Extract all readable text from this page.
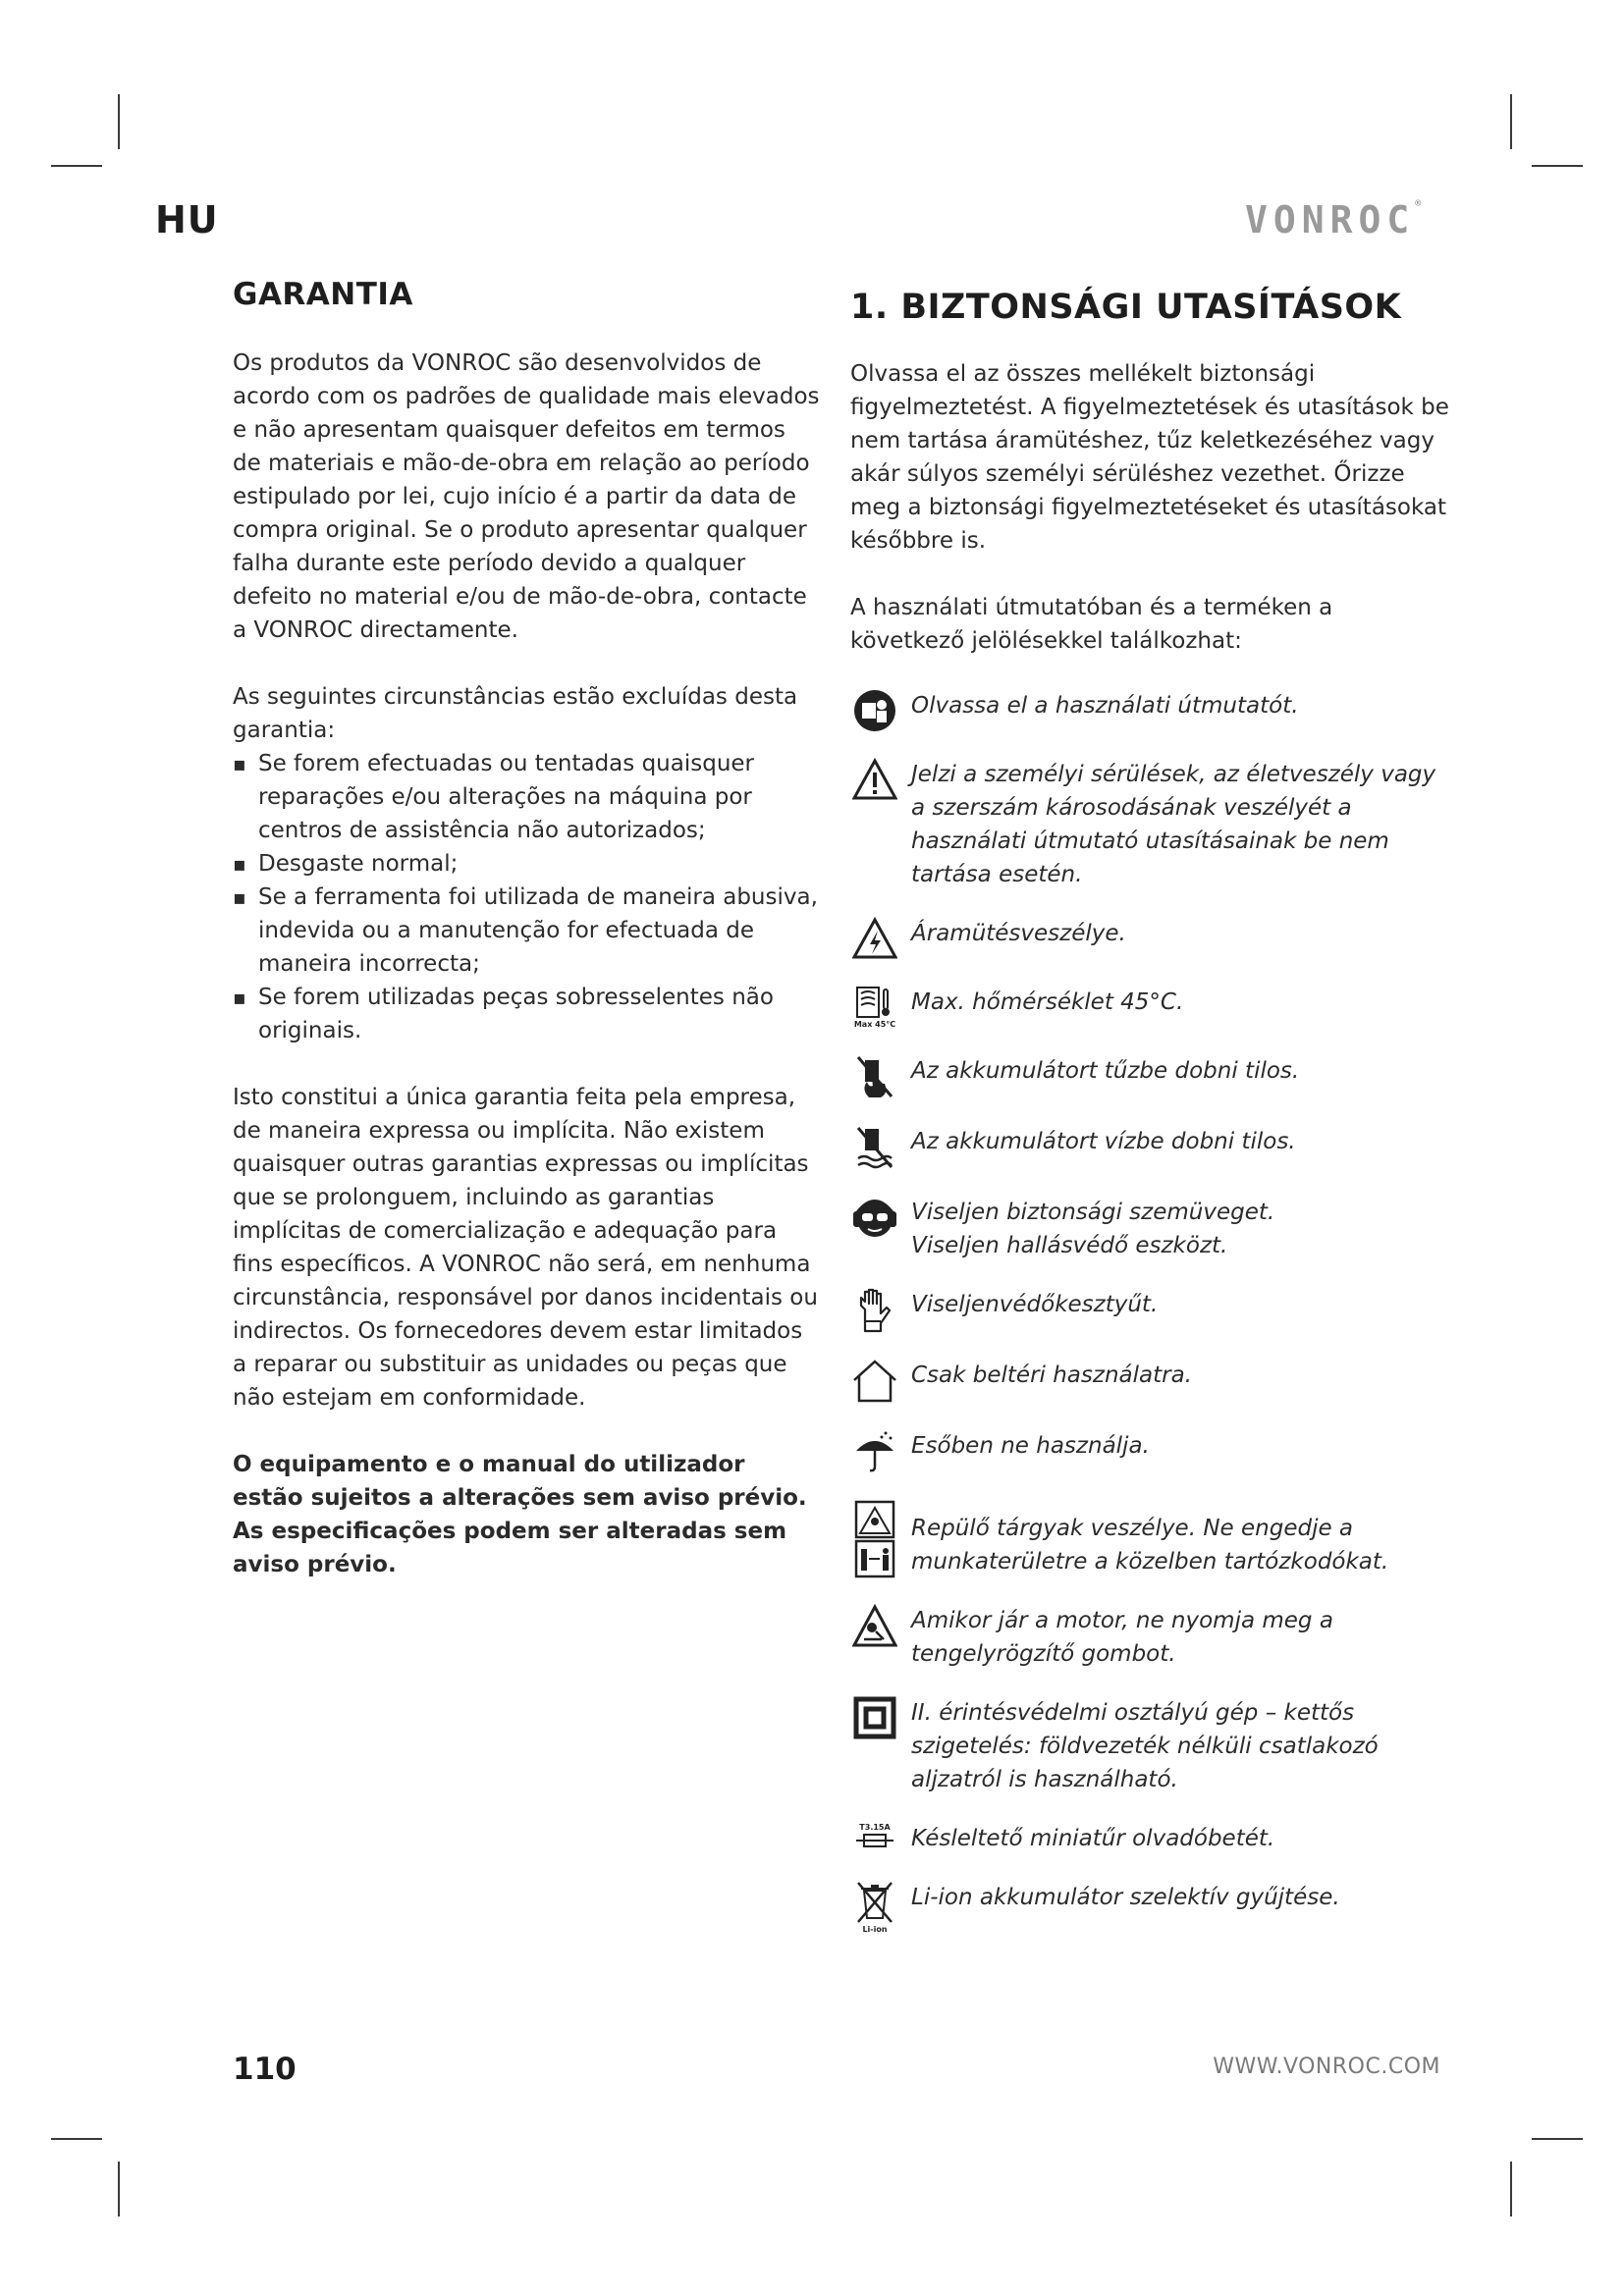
HU	VONROC®
GARANTIA

Os produtos da VONROC são desenvolvidos de acordo com os padrões de qualidade mais elevados e não apresentam quaisquer defeitos em termos de materiais e mão-de-obra em relação ao período estipulado por lei, cujo início é a partir da data de compra original. Se o produto apresentar qualquer falha durante este período devido a qualquer defeito no material e/ou de mão-de-obra, contacte a VONROC directamente.

As seguintes circunstâncias estão excluídas desta garantia:

▪ Se forem efectuadas ou tentadas quaisquer reparações e/ou alterações na máquina por centros de assistência não autorizados;
▪ Desgaste normal;
▪ Se a ferramenta foi utilizada de maneira abusiva, indevida ou a manutenção for efectuada de maneira incorrecta;
▪ Se forem utilizadas peças sobresselentes não originais.

Isto constitui a única garantia feita pela empresa, de maneira expressa ou implícita. Não existem quaisquer outras garantias expressas ou implícitas que se prolonguem, incluindo as garantias implícitas de comercialização e adequação para fins específicos. A VONROC não será, em nenhuma circunstância, responsável por danos incidentais ou indirectos. Os fornecedores devem estar limitados a reparar ou substituir as unidades ou peças que não estejam em conformidade.

O equipamento e o manual do utilizador estão sujeitos a alterações sem aviso prévio. As especificações podem ser alteradas sem aviso prévio.

1. BIZTONSÁGI UTASÍTÁSOK

Olvassa el az összes mellékelt biztonsági figyelmeztetést. A figyelmeztetések és utasítások be nem tartása áramütéshez, tűz keletkezéséhez vagy akár súlyos személyi sérüléshez vezethet. Őrizze meg a biztonsági figyelmeztetéseket és utasításokat későbbre is.

A használati útmutatóban és a terméken a következő jelölésekkel találkozhat:

Olvassa el a használati útmutatót.
Jelzi a személyi sérülések, az életveszély vagy a szerszám károsodásának veszélyét a használati útmutató utasításainak be nem tartása esetén.
Áramütésveszélye.
Max 45°C
Max. hőmérséklet 45°C.
Az akkumulátort tűzbe dobni tilos.
Az akkumulátort vízbe dobni tilos.
Viseljen biztonsági szemüveget.
Viseljen hallásvédő eszközt.
Viseljenvédőkesztyűt.
Csak beltéri használatra.
Esőben ne használja.
Repülő tárgyak veszélye. Ne engedje a munkaterületre a közelben tartózkodókat.
Amikor jár a motor, ne nyomja meg a tengelyrögzítő gombot.
II. érintésvédelmi osztályú gép – kettős szigetelés: földvezeték nélküli csatlakozó aljzatról is használható.
T3.15A Késleltető miniatűr olvadóbetét.
Li-ion
Li-ion akkumulátor szelektív gyűjtése.
110	WWW.VONROC.COM
